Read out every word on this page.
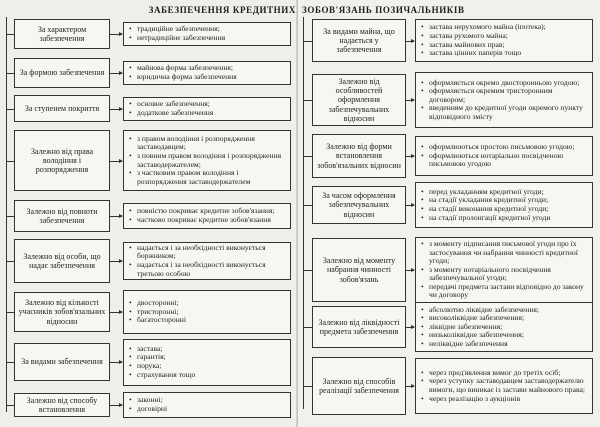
ЗАБЕЗПЕЧЕННЯ КРЕДИТНИХ
За характером забезпечення
• традиційне забезпечення;
• нетрадиційне забезпечення
За формою забезпечення
• майнова форма забезпечення;
• юридична форма забезпечення
За ступенем покриття
• основне забезпечення;
• додаткове забезпечення
Залежно від права володіння і розпорядження
• з правом володіння і розпорядження заставодавцем;
• з повним правом володіння і розпорядження заставодержателем;
• з частковим правом володіння і розпорядження заставодержателем
Залежно від повноти забезпечення
• повністю покриває кредитне зобов'язання;
• частково покриває кредитне зобов'язання
Залежно від особи, що надає забезпечення
• надається і за необхідності виконується боржником;
• надається і за необхідності виконується третьою особою
Залежно від кількості учасників зобов'язальних відносин
• двосторонні;
• тристоронні;
• багатосторонні
За видами забезпечення
• застава;
• гарантія;
• порука;
• страхування тощо
Залежно від способу встановлення
• законні;
• договірні
ЗОБОВ'ЯЗАНЬ ПОЗИЧАЛЬНИКІВ
За видами майна, що надається у забезпечення
• застава нерухомого майна (іпотека);
• застава рухомого майна;
• застава майнових прав;
• застава цінних паперів тощо
Залежно від особливостей оформлення забезпечувальних відносин
• оформляється окремо двосторонньою угодою;
• оформляється окремим тристоронним договором;
• введенням до кредитної угоди окремого пункту відповідного змісту
Залежно від форми встановлення зобов'язальних відносин
• оформлюються простою письмовою угодою;
• оформлюються нотаріально посвідченою письмовою угодою
За часом оформлення забезпечувальних відносин
• перед укладанням кредитної угоди;
• на стадії укладання кредитної угоди;
• на стадії виконання кредитної угоди;
• на стадії пролонгації кредитної угоди
Залежно від моменту набрання чинності зобов'язань
• з моменту підписання письмової угоди про їх застосування чи набрання чинності кредитної угоди;
• з моменту нотаріального посвідчення забезпечувальної угоди;
• передачі предмета застави відповідно до закону чи договору
Залежно від ліквідності предмета забезпечення
• абсолютно ліквідне забезпечення;
• високоліквідне забезпечення;
• ліквідне забезпечення;
• низьколіквідне забезпечення;
• неліквідне забезпечення
Залежно від способів реалізації забезпечення
• через пред'явлення вимог до третіх осіб;
• через уступку заставодавцем заставодержателю вимоги, що виникає із застави майнового права;
• через реалізацію з аукціонів
